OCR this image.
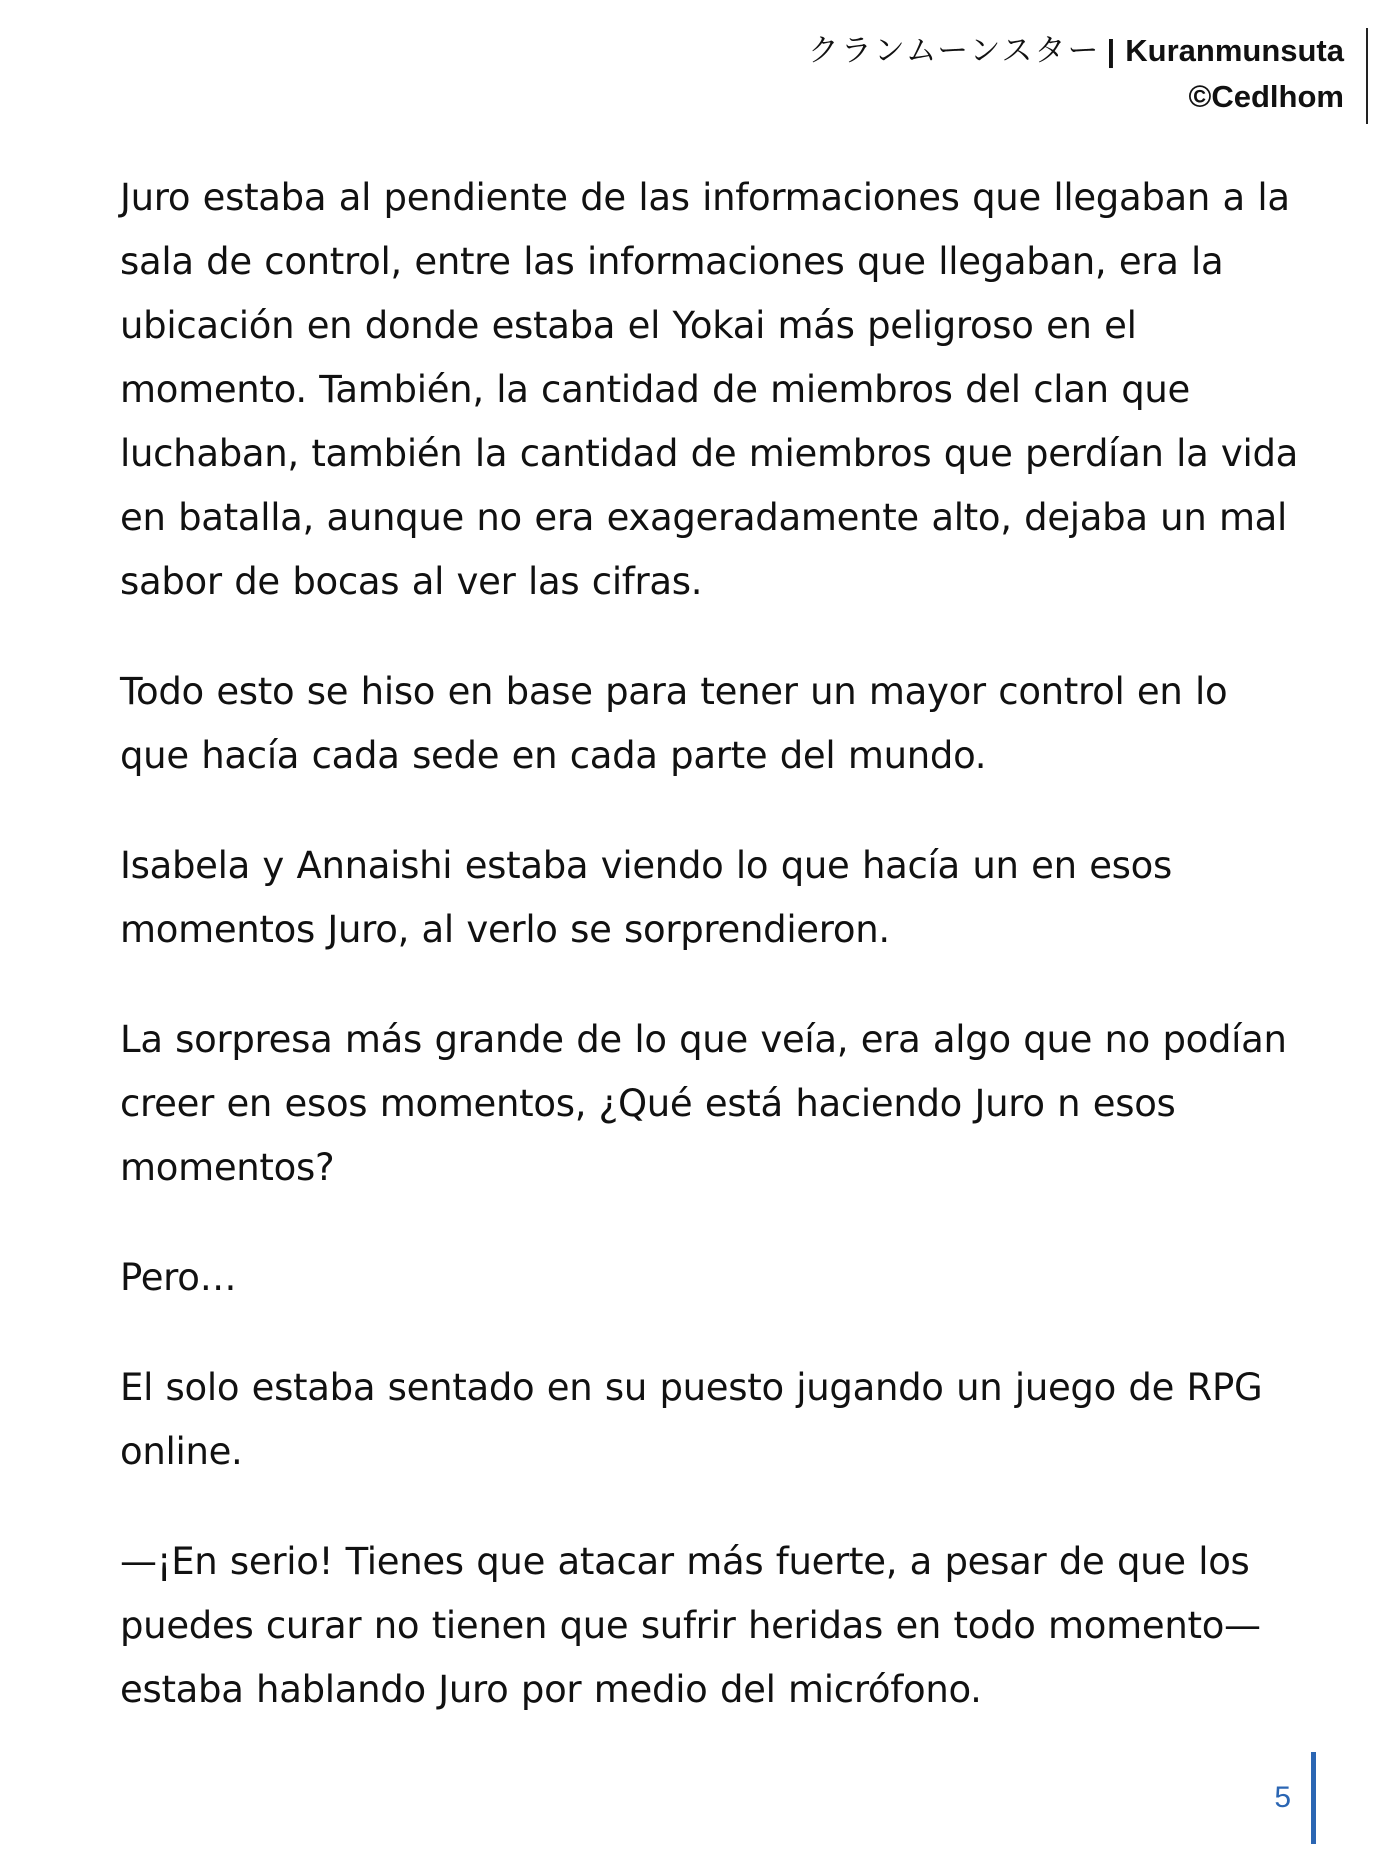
クランムーンスター | Kuranmunsuta
©Cedlhom

Juro estaba al pendiente de las informaciones que llegaban a la sala de control, entre las informaciones que llegaban, era la ubicación en donde estaba el Yokai más peligroso en el momento. También, la cantidad de miembros del clan que luchaban, también la cantidad de miembros que perdían la vida en batalla, aunque no era exageradamente alto, dejaba un mal sabor de bocas al ver las cifras.

Todo esto se hiso en base para tener un mayor control en lo que hacía cada sede en cada parte del mundo.

Isabela y Annaishi estaba viendo lo que hacía un en esos momentos Juro, al verlo se sorprendieron.

La sorpresa más grande de lo que veía, era algo que no podían creer en esos momentos, ¿Qué está haciendo Juro n esos momentos?

Pero…

El solo estaba sentado en su puesto jugando un juego de RPG online.

—¡En serio! Tienes que atacar más fuerte, a pesar de que los puedes curar no tienen que sufrir heridas en todo momento—estaba hablando Juro por medio del micrófono.

5
